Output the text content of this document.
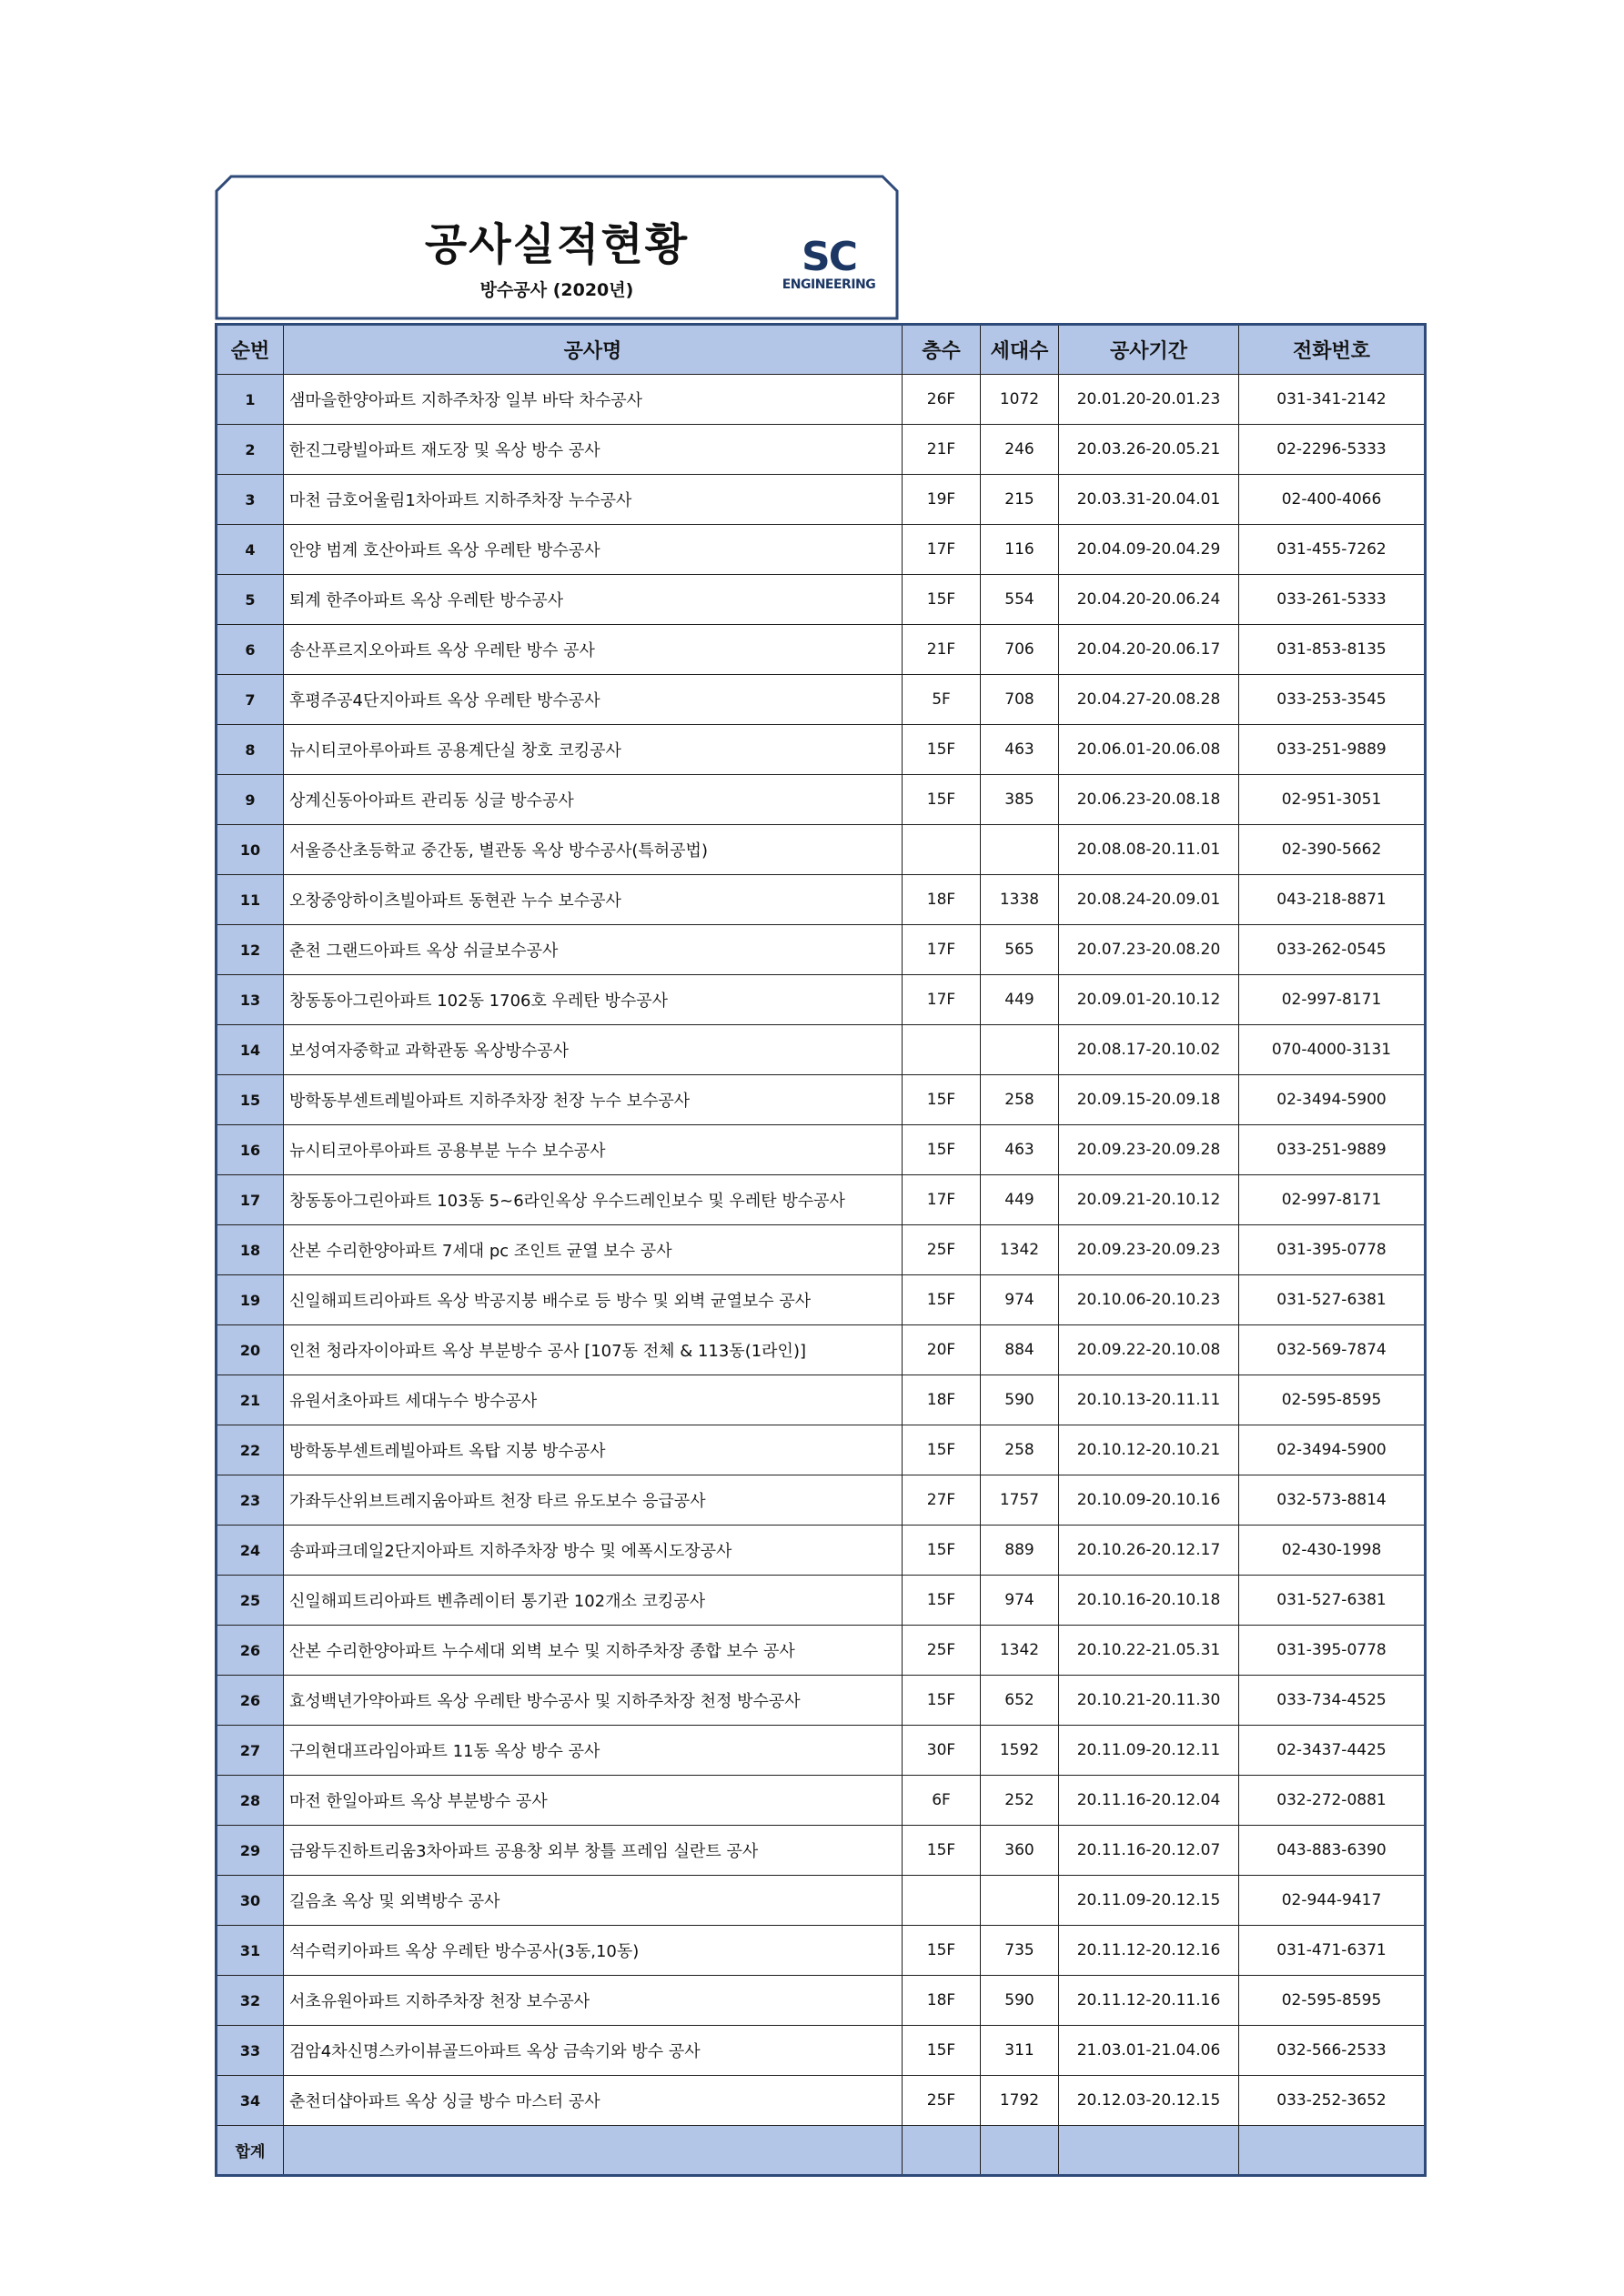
공사실적현황
방수공사 (2020년)
SC
ENGINEERING
순번	공사명	층수	세대수	공사기간	전화번호
1	샘마을한양아파트 지하주차장 일부 바닥 차수공사	26F	1072	20.01.20-20.01.23	031-341-2142
2	한진그랑빌아파트 재도장 및 옥상 방수 공사	21F	246	20.03.26-20.05.21	02-2296-5333
3	마천 금호어울림1차아파트 지하주차장 누수공사	19F	215	20.03.31-20.04.01	02-400-4066
4	안양 범계 호산아파트 옥상 우레탄 방수공사	17F	116	20.04.09-20.04.29	031-455-7262
5	퇴계 한주아파트 옥상 우레탄 방수공사	15F	554	20.04.20-20.06.24	033-261-5333
6	송산푸르지오아파트 옥상 우레탄 방수 공사	21F	706	20.04.20-20.06.17	031-853-8135
7	후평주공4단지아파트 옥상 우레탄 방수공사	5F	708	20.04.27-20.08.28	033-253-3545
8	뉴시티코아루아파트 공용계단실 창호 코킹공사	15F	463	20.06.01-20.06.08	033-251-9889
9	상계신동아아파트 관리동 싱글 방수공사	15F	385	20.06.23-20.08.18	02-951-3051
10	서울증산초등학교 중간동, 별관동 옥상 방수공사(특허공법)			20.08.08-20.11.01	02-390-5662
11	오창중앙하이츠빌아파트 동현관 누수 보수공사	18F	1338	20.08.24-20.09.01	043-218-8871
12	춘천 그랜드아파트 옥상 쉬글보수공사	17F	565	20.07.23-20.08.20	033-262-0545
13	창동동아그린아파트 102동 1706호 우레탄 방수공사	17F	449	20.09.01-20.10.12	02-997-8171
14	보성여자중학교 과학관동 옥상방수공사			20.08.17-20.10.02	070-4000-3131
15	방학동부센트레빌아파트 지하주차장 천장 누수 보수공사	15F	258	20.09.15-20.09.18	02-3494-5900
16	뉴시티코아루아파트 공용부분 누수 보수공사	15F	463	20.09.23-20.09.28	033-251-9889
17	창동동아그린아파트 103동 5~6라인옥상 우수드레인보수 및 우레탄 방수공사	17F	449	20.09.21-20.10.12	02-997-8171
18	산본 수리한양아파트 7세대 pc 조인트 균열 보수 공사	25F	1342	20.09.23-20.09.23	031-395-0778
19	신일해피트리아파트 옥상 박공지붕 배수로 등 방수 및 외벽 균열보수 공사	15F	974	20.10.06-20.10.23	031-527-6381
20	인천 청라자이아파트 옥상 부분방수 공사 [107동 전체 & 113동(1라인)]	20F	884	20.09.22-20.10.08	032-569-7874
21	유원서초아파트 세대누수 방수공사	18F	590	20.10.13-20.11.11	02-595-8595
22	방학동부센트레빌아파트 옥탑 지붕 방수공사	15F	258	20.10.12-20.10.21	02-3494-5900
23	가좌두산위브트레지움아파트 천장 타르 유도보수 응급공사	27F	1757	20.10.09-20.10.16	032-573-8814
24	송파파크데일2단지아파트 지하주차장 방수 및 에폭시도장공사	15F	889	20.10.26-20.12.17	02-430-1998
25	신일해피트리아파트 벤츄레이터 통기관 102개소 코킹공사	15F	974	20.10.16-20.10.18	031-527-6381
26	산본 수리한양아파트 누수세대 외벽 보수 및 지하주차장 종합 보수 공사	25F	1342	20.10.22-21.05.31	031-395-0778
26	효성백년가약아파트 옥상 우레탄 방수공사 및 지하주차장 천정 방수공사	15F	652	20.10.21-20.11.30	033-734-4525
27	구의현대프라임아파트 11동 옥상 방수 공사	30F	1592	20.11.09-20.12.11	02-3437-4425
28	마전 한일아파트 옥상 부분방수 공사	6F	252	20.11.16-20.12.04	032-272-0881
29	금왕두진하트리움3차아파트 공용창 외부 창틀 프레임 실란트 공사	15F	360	20.11.16-20.12.07	043-883-6390
30	길음초 옥상 및 외벽방수 공사			20.11.09-20.12.15	02-944-9417
31	석수럭키아파트 옥상 우레탄 방수공사(3동,10동)	15F	735	20.11.12-20.12.16	031-471-6371
32	서초유원아파트 지하주차장 천장 보수공사	18F	590	20.11.12-20.11.16	02-595-8595
33	검암4차신명스카이뷰골드아파트 옥상 금속기와 방수 공사	15F	311	21.03.01-21.04.06	032-566-2533
34	춘천더샵아파트 옥상 싱글 방수 마스터 공사	25F	1792	20.12.03-20.12.15	033-252-3652
합계					
